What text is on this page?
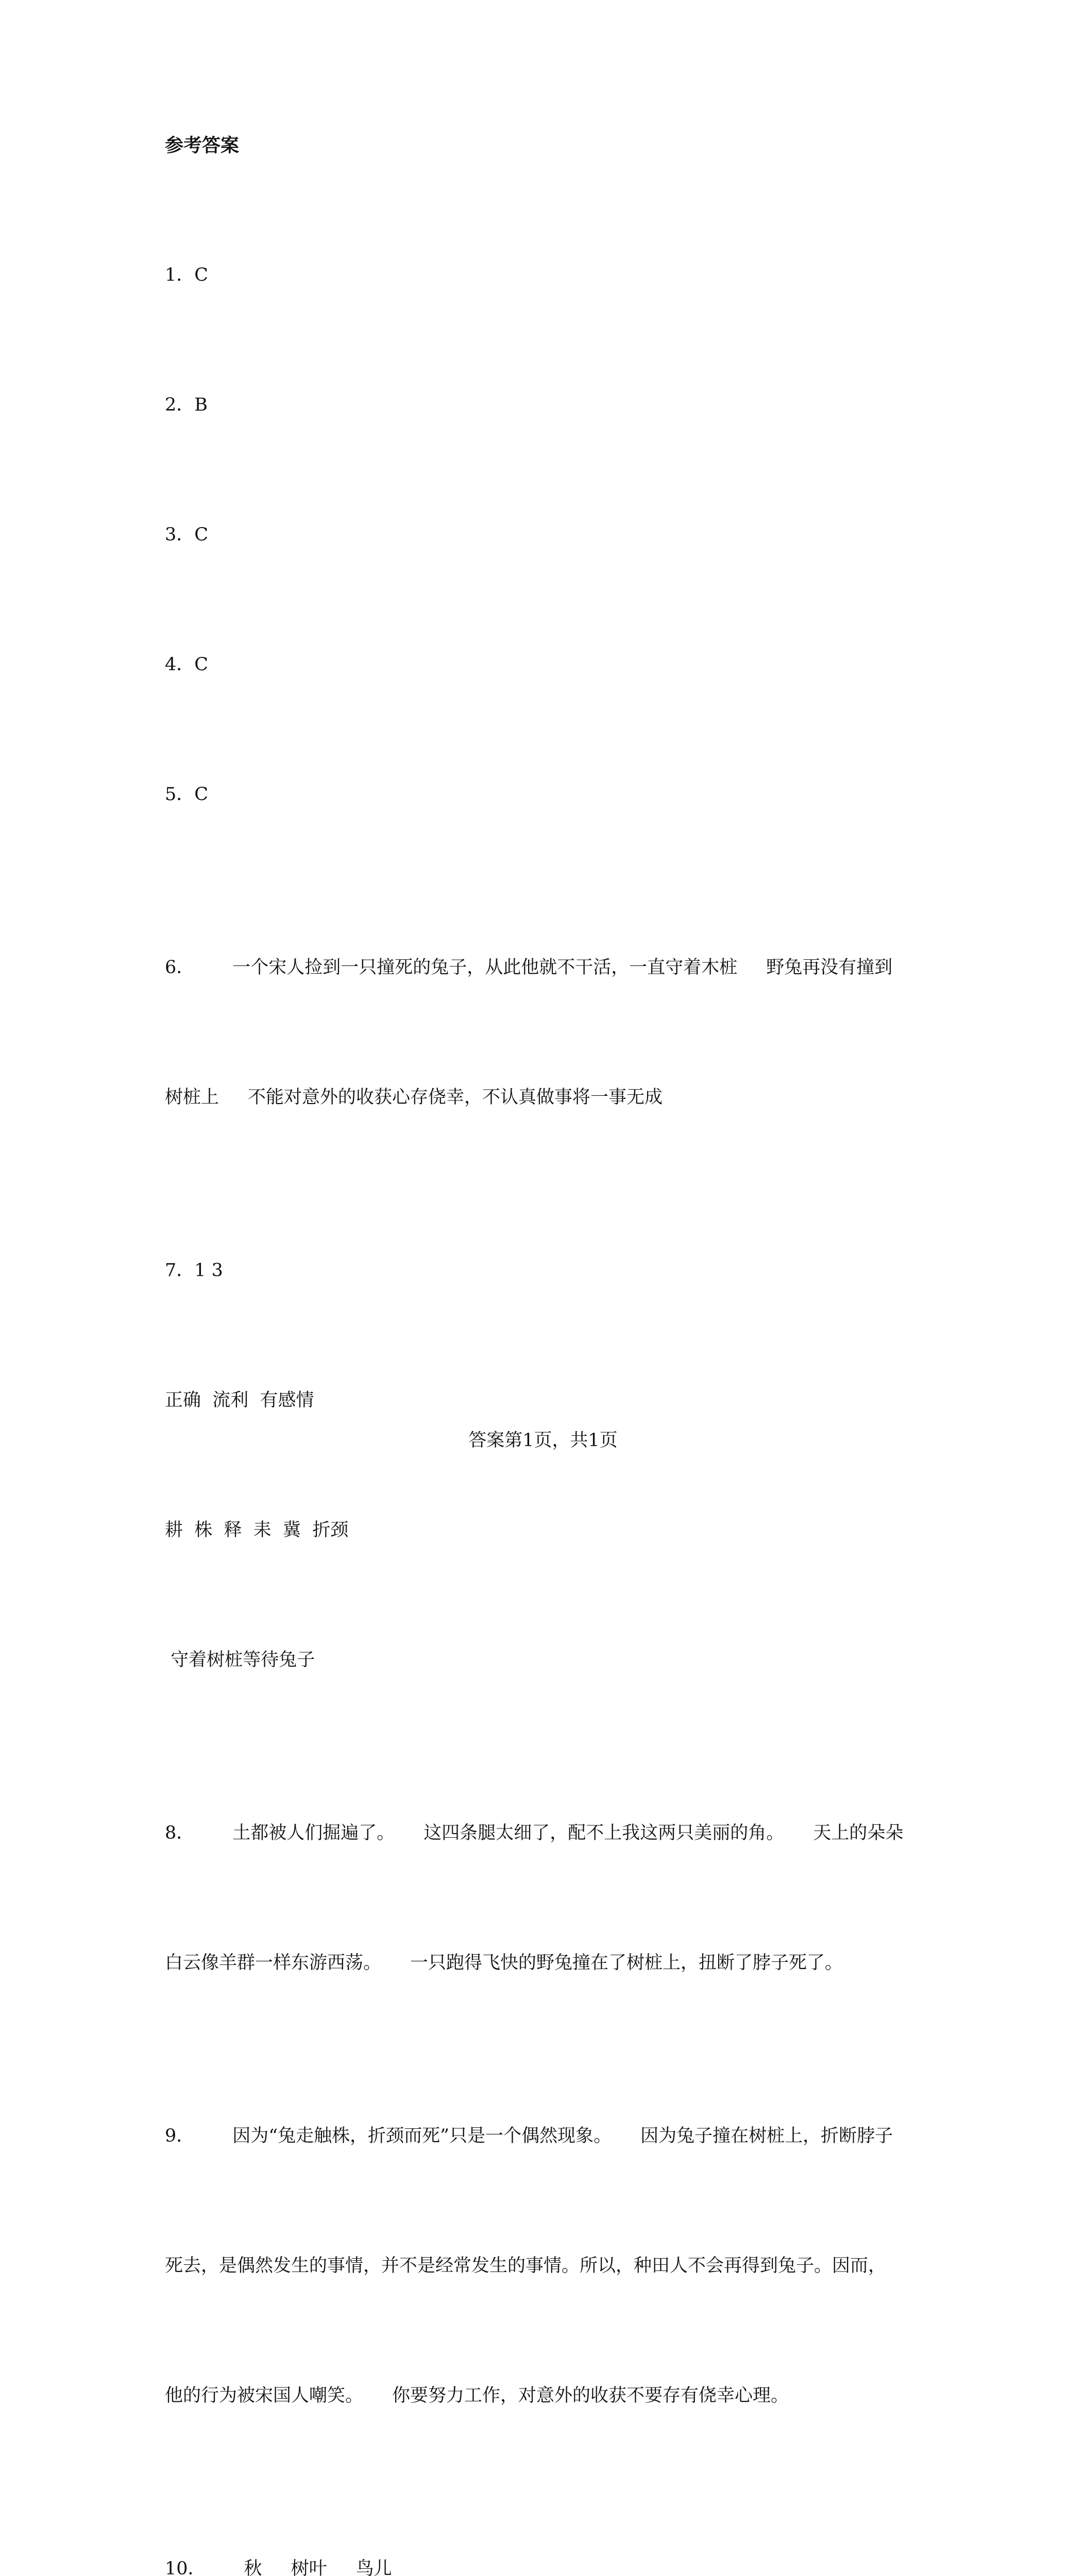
参考答案

1．C

2．B

3．C

4．C

5．C

6． 一个宋人捡到一只撞死的兔子，从此他就不干活，一直守着木桩 野兔再没有撞到

树桩上 不能对意外的收获心存侥幸，不认真做事将一事无成

7．1 3

正确  流利  有感情

耕  株  释  耒  冀  折颈

守着树桩等待兔子

8． 土都被人们掘遍了。 这四条腿太细了，配不上我这两只美丽的角。 天上的朵朵

白云像羊群一样东游西荡。 一只跑得飞快的野兔撞在了树桩上，扭断了脖子死了。

9． 因为“兔走触株，折颈而死”只是一个偶然现象。 因为兔子撞在树桩上，折断脖子

死去，是偶然发生的事情，并不是经常发生的事情。所以，种田人不会再得到兔子。因而，

他的行为被宋国人嘲笑。 你要努力工作，对意外的收获不要存有侥幸心理。

10． 秋 树叶 鸟儿

答案第1页，共1页
